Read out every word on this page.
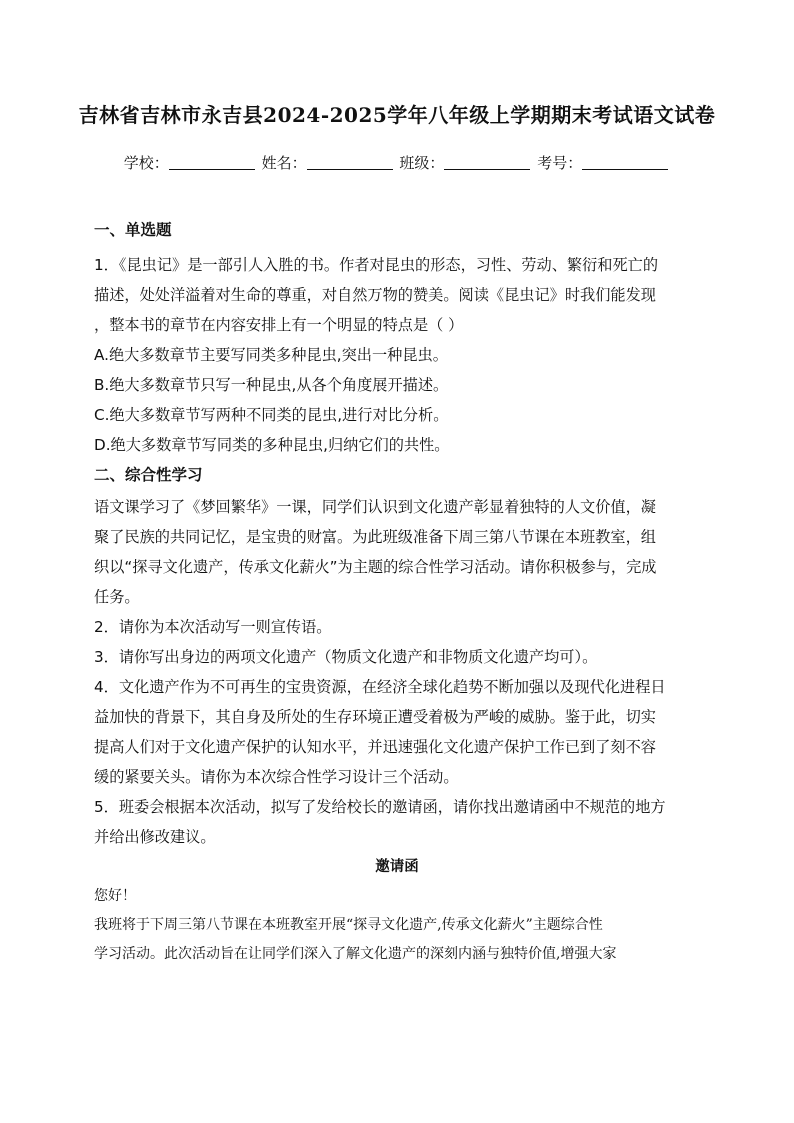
吉林省吉林市永吉县2024-2025学年八年级上学期期末考试语文试卷
学校：	姓名：	班级：	考号：

一、单选题

1．《昆虫记》是一部引人入胜的书。作者对昆虫的形态，习性、劳动、繁衍和死亡的

描述，处处洋溢着对生命的尊重，对自然万物的赞美。阅读《昆虫记》时我们能发现

，整本书的章节在内容安排上有一个明显的特点是（ ）

A.绝大多数章节主要写同类多种昆虫,突出一种昆虫。

B.绝大多数章节只写一种昆虫,从各个角度展开描述。

C.绝大多数章节写两种不同类的昆虫,进行对比分析。

D.绝大多数章节写同类的多种昆虫,归纳它们的共性。

二、综合性学习

语文课学习了《梦回繁华》一课，同学们认识到文化遗产彰显着独特的人文价值，凝

聚了民族的共同记忆，是宝贵的财富。为此班级准备下周三第八节课在本班教室，组

织以“探寻文化遗产，传承文化薪火”为主题的综合性学习活动。请你积极参与，完成

任务。

2．请你为本次活动写一则宣传语。

3．请你写出身边的两项文化遗产（物质文化遗产和非物质文化遗产均可）。

4．文化遗产作为不可再生的宝贵资源，在经济全球化趋势不断加强以及现代化进程日

益加快的背景下，其自身及所处的生存环境正遭受着极为严峻的威胁。鉴于此，切实

提高人们对于文化遗产保护的认知水平，并迅速强化文化遗产保护工作已到了刻不容

缓的紧要关头。请你为本次综合性学习设计三个活动。

5．班委会根据本次活动，拟写了发给校长的邀请函，请你找出邀请函中不规范的地方

并给出修改建议。

邀请函

您好！

我班将于下周三第八节课在本班教室开展“探寻文化遗产,传承文化薪火”主题综合性

学习活动。此次活动旨在让同学们深入了解文化遗产的深刻内涵与独特价值,增强大家
